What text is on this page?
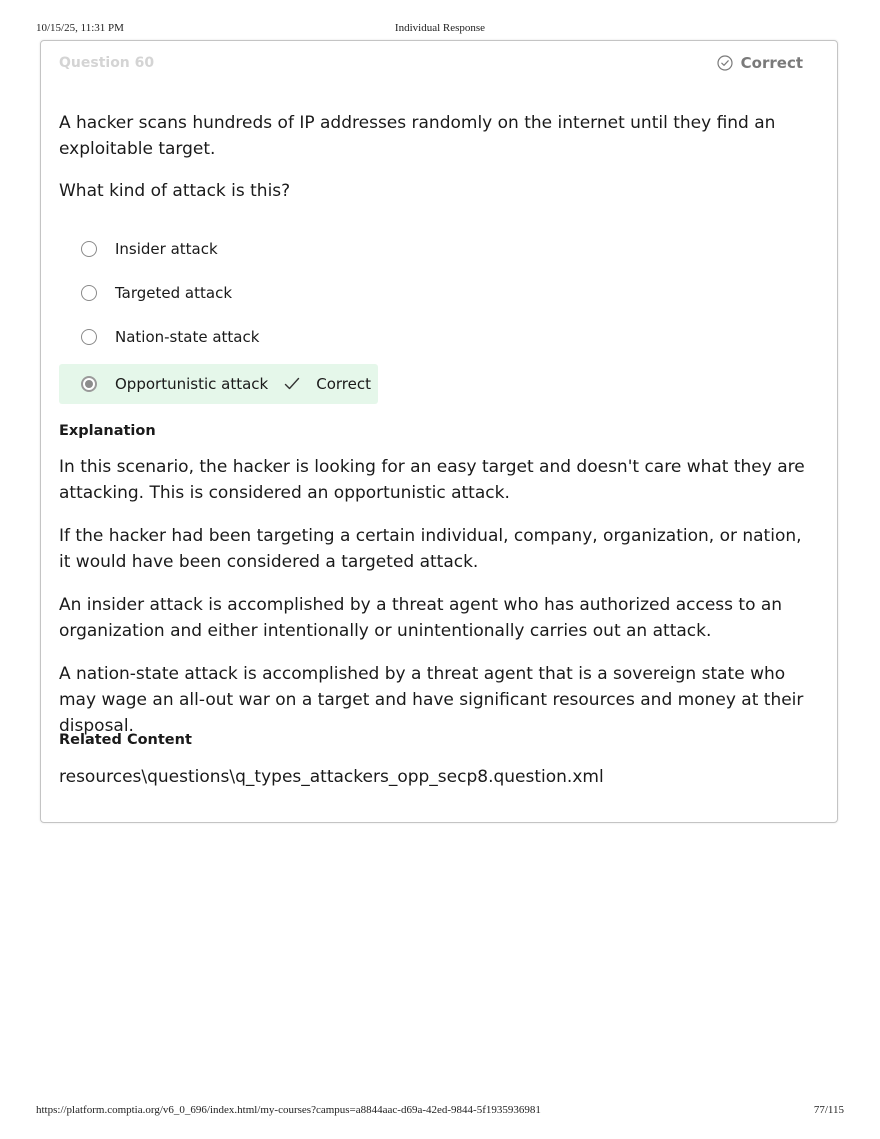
10/15/25, 11:31 PM	Individual Response
Question 60	Correct
A hacker scans hundreds of IP addresses randomly on the internet until they find an exploitable target.
What kind of attack is this?
Insider attack
Targeted attack
Nation-state attack
Opportunistic attack	Correct
Explanation
In this scenario, the hacker is looking for an easy target and doesn't care what they are attacking. This is considered an opportunistic attack.
If the hacker had been targeting a certain individual, company, organization, or nation, it would have been considered a targeted attack.
An insider attack is accomplished by a threat agent who has authorized access to an organization and either intentionally or unintentionally carries out an attack.
A nation-state attack is accomplished by a threat agent that is a sovereign state who may wage an all-out war on a target and have significant resources and money at their disposal.
Related Content
resources\questions\q_types_attackers_opp_secp8.question.xml
https://platform.comptia.org/v6_0_696/index.html/my-courses?campus=a8844aac-d69a-42ed-9844-5f1935936981	77/115
